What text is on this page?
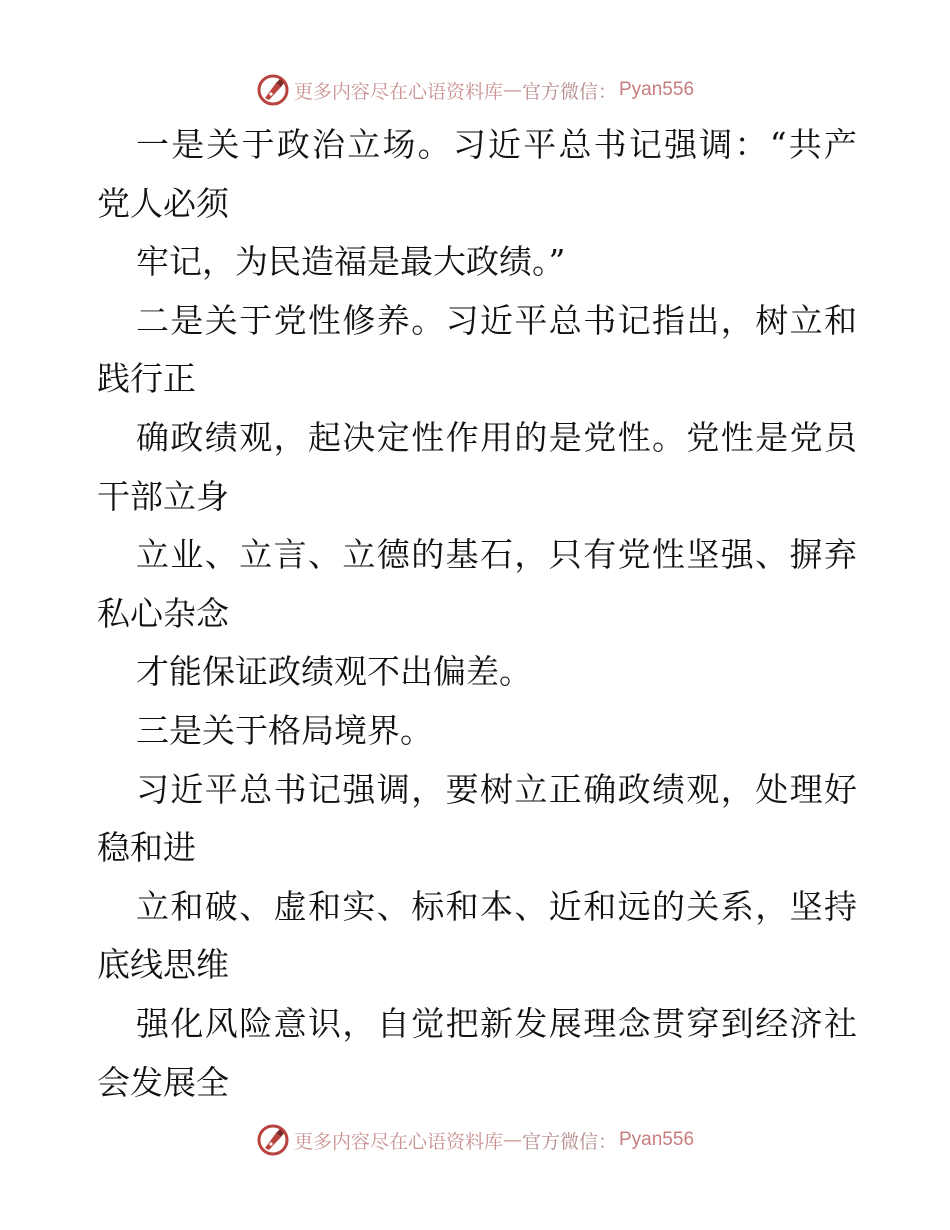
更多内容尽在心语资料库 — 官方微信： Pyan556
一是关于政治立场。习近平总书记强调：“共产
党人必须
牢记，为民造福是最大政绩。”
二是关于党性修养。习近平总书记指出，树立和
践行正
确政绩观，起决定性作用的是党性。党性是党员
干部立身
立业、立言、立德的基石，只有党性坚强、摒弃
私心杂念
才能保证政绩观不出偏差。
三是关于格局境界。
习近平总书记强调，要树立正确政绩观，处理好
稳和进
立和破、虚和实、标和本、近和远的关系，坚持
底线思维
强化风险意识，自觉把新发展理念贯穿到经济社
会发展全
更多内容尽在心语资料库 — 官方微信： Pyan556
